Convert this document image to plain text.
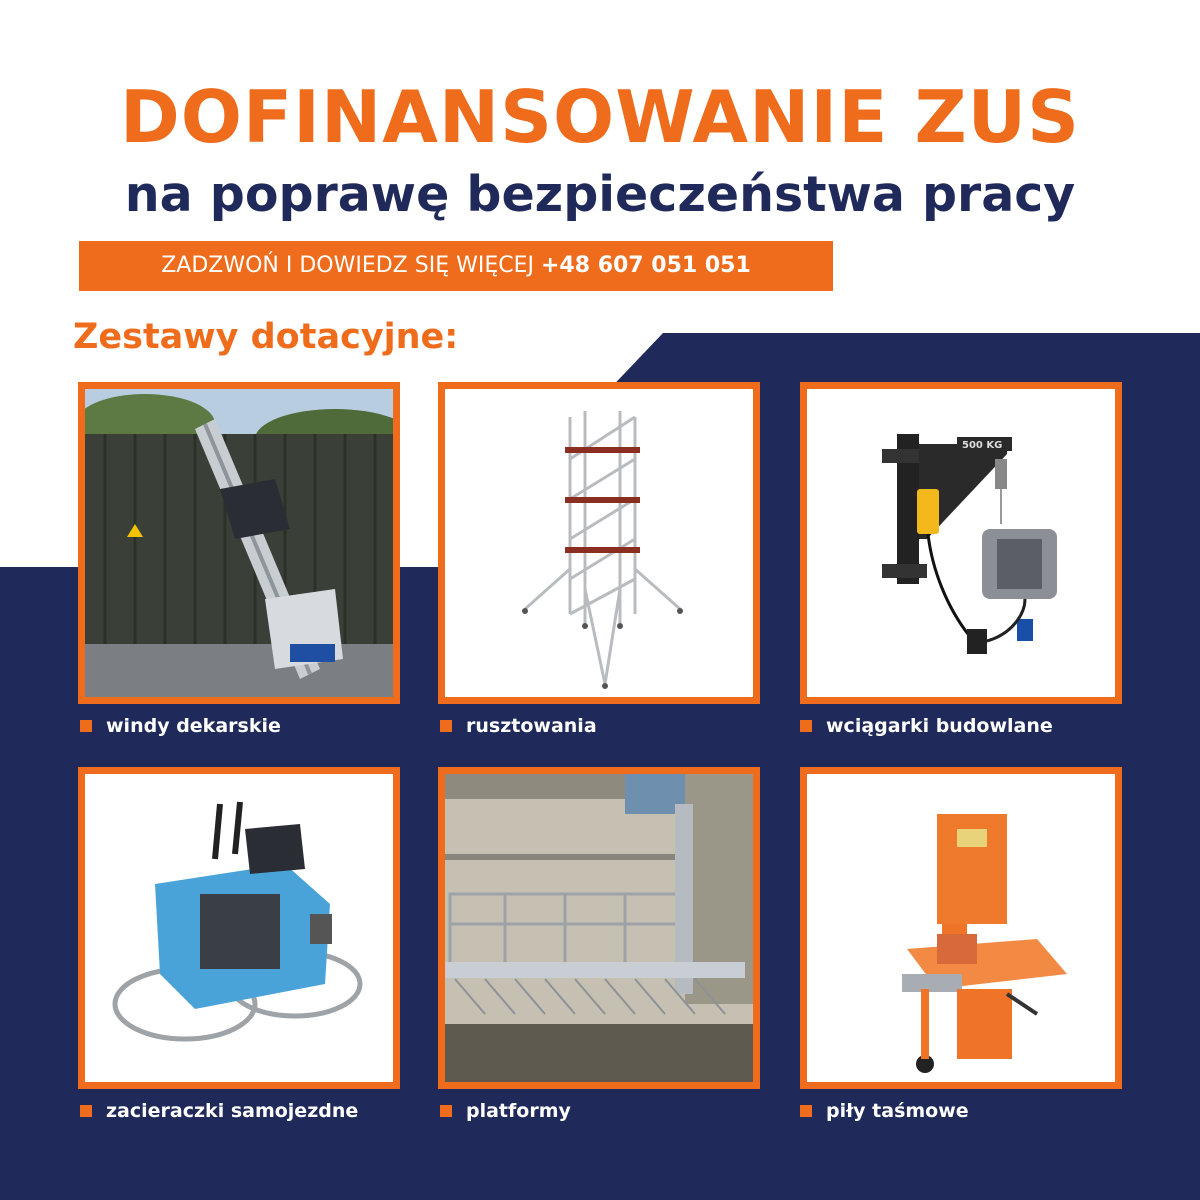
DOFINANSOWANIE ZUS
na poprawę bezpieczeństwa pracy
ZADZWOŃ I DOWIEDZ SIĘ WIĘCEJ +48 607 051 051
Zestawy dotacyjne:
windy dekarskie	rusztowania
500 KG
wciągarki budowlane
zacieraczki samojezdne	platformy	piły taśmowe
